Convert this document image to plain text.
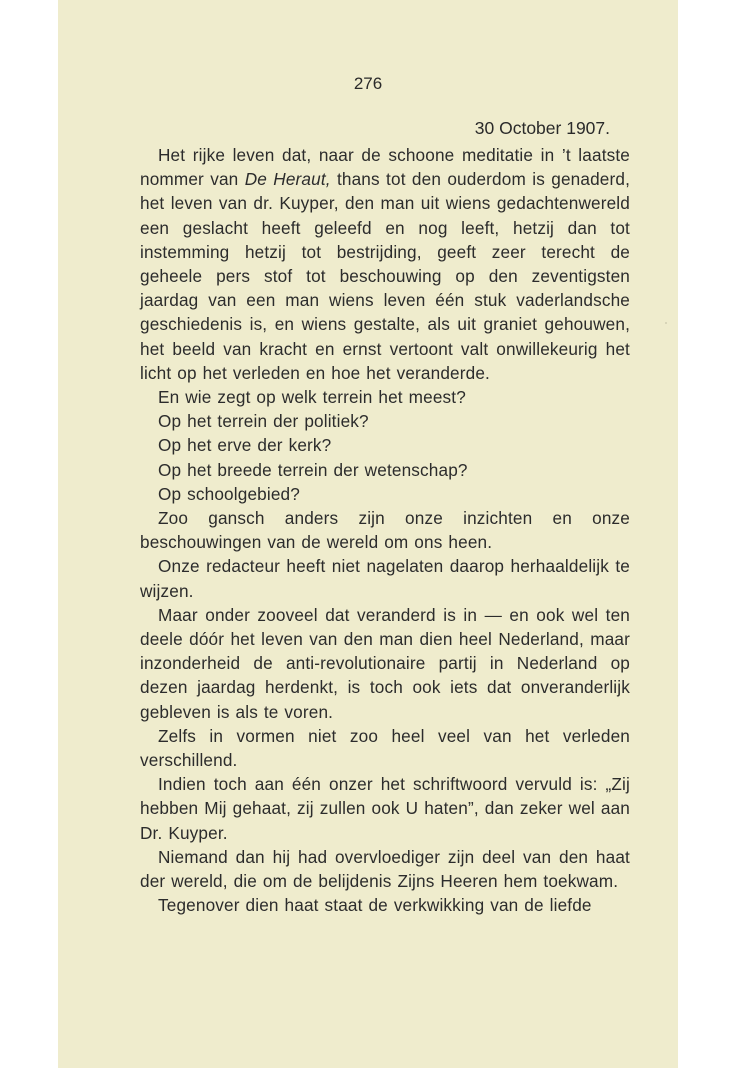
276
30 October 1907.

Het rijke leven dat, naar de schoone meditatie in ’t laatste nommer van De Heraut, thans tot den ouderdom is genaderd, het leven van dr. Kuyper, den man uit wiens gedachtenwereld een geslacht heeft geleefd en nog leeft, hetzij dan tot instemming hetzij tot bestrijding, geeft zeer terecht de geheele pers stof tot beschouwing op den zeventigsten jaardag van een man wiens leven één stuk vaderlandsche geschiedenis is, en wiens gestalte, als uit graniet gehouwen, het beeld van kracht en ernst vertoont valt onwillekeurig het licht op het verleden en hoe het veranderde.

En wie zegt op welk terrein het meest?

Op het terrein der politiek?

Op het erve der kerk?

Op het breede terrein der wetenschap?

Op schoolgebied?

Zoo gansch anders zijn onze inzichten en onze beschouwingen van de wereld om ons heen.

Onze redacteur heeft niet nagelaten daarop herhaaldelijk te wijzen.

Maar onder zooveel dat veranderd is in — en ook wel ten deele dóór het leven van den man dien heel Nederland, maar inzonderheid de anti-revolutionaire partij in Nederland op dezen jaardag herdenkt, is toch ook iets dat onveranderlijk gebleven is als te voren.

Zelfs in vormen niet zoo heel veel van het verleden verschillend.

Indien toch aan één onzer het schriftwoord vervuld is: „Zij hebben Mij gehaat, zij zullen ook U haten”, dan zeker wel aan Dr. Kuyper.

Niemand dan hij had overvloediger zijn deel van den haat der wereld, die om de belijdenis Zijns Heeren hem toekwam.

Tegenover dien haat staat de verkwikking van de liefde
